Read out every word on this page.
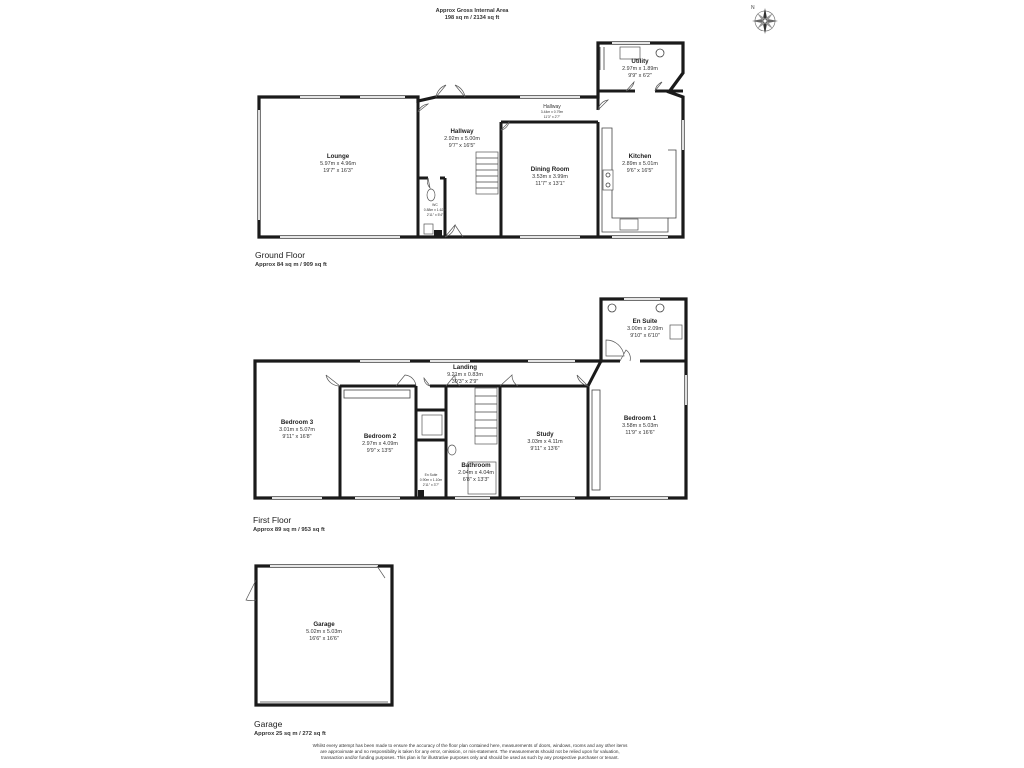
Approx Gross Internal Area
198 sq m / 2134 sq ft
N
Lounge
5.97m x 4.96m
19'7" x 16'3"
Hallway
2.92m x 5.00m
9'7" x 16'5"
Hallway
3.44m x 0.79m
11'3" x 2'7"
WC
0.88m x 1.62m
2'11" x 5'4"
Dining Room
3.53m x 3.99m
11'7" x 13'1"
Kitchen
2.89m x 5.01m
9'6" x 16'5"
Utility
2.97m x 1.89m
9'9" x 6'2"
En Suite
3.00m x 2.09m
9'10" x 6'10"
Landing
9.21m x 0.83m
30'3" x 2'9"
Bedroom 3
3.01m x 5.07m
9'11" x 16'8"	Bedroom 2
2.97m x 4.09m
9'9" x 13'5"
En Suite
0.90m x 1.10m
2'11" x 3'7"
Bathroom
2.04m x 4.04m
6'8" x 13'3"
Study
3.03m x 4.11m
9'11" x 13'6"
Bedroom 1
3.58m x 5.03m
11'9" x 16'6"
Garage
5.02m x 5.03m
16'6" x 16'6"
Ground Floor
Approx 84 sq m / 909 sq ft
First Floor
Approx 89 sq m / 953 sq ft
Garage
Approx 25 sq m / 272 sq ft
Whilst every attempt has been made to ensure the accuracy of the floor plan contained here, measurements of doors, windows, rooms and any other items are approximate and no responsibility is taken for any error, omission, or mis-statement. The measurements should not be relied upon for valuation, transaction and/or funding purposes. This plan is for illustrative purposes only and should be used as such by any prospective purchaser or tenant.
